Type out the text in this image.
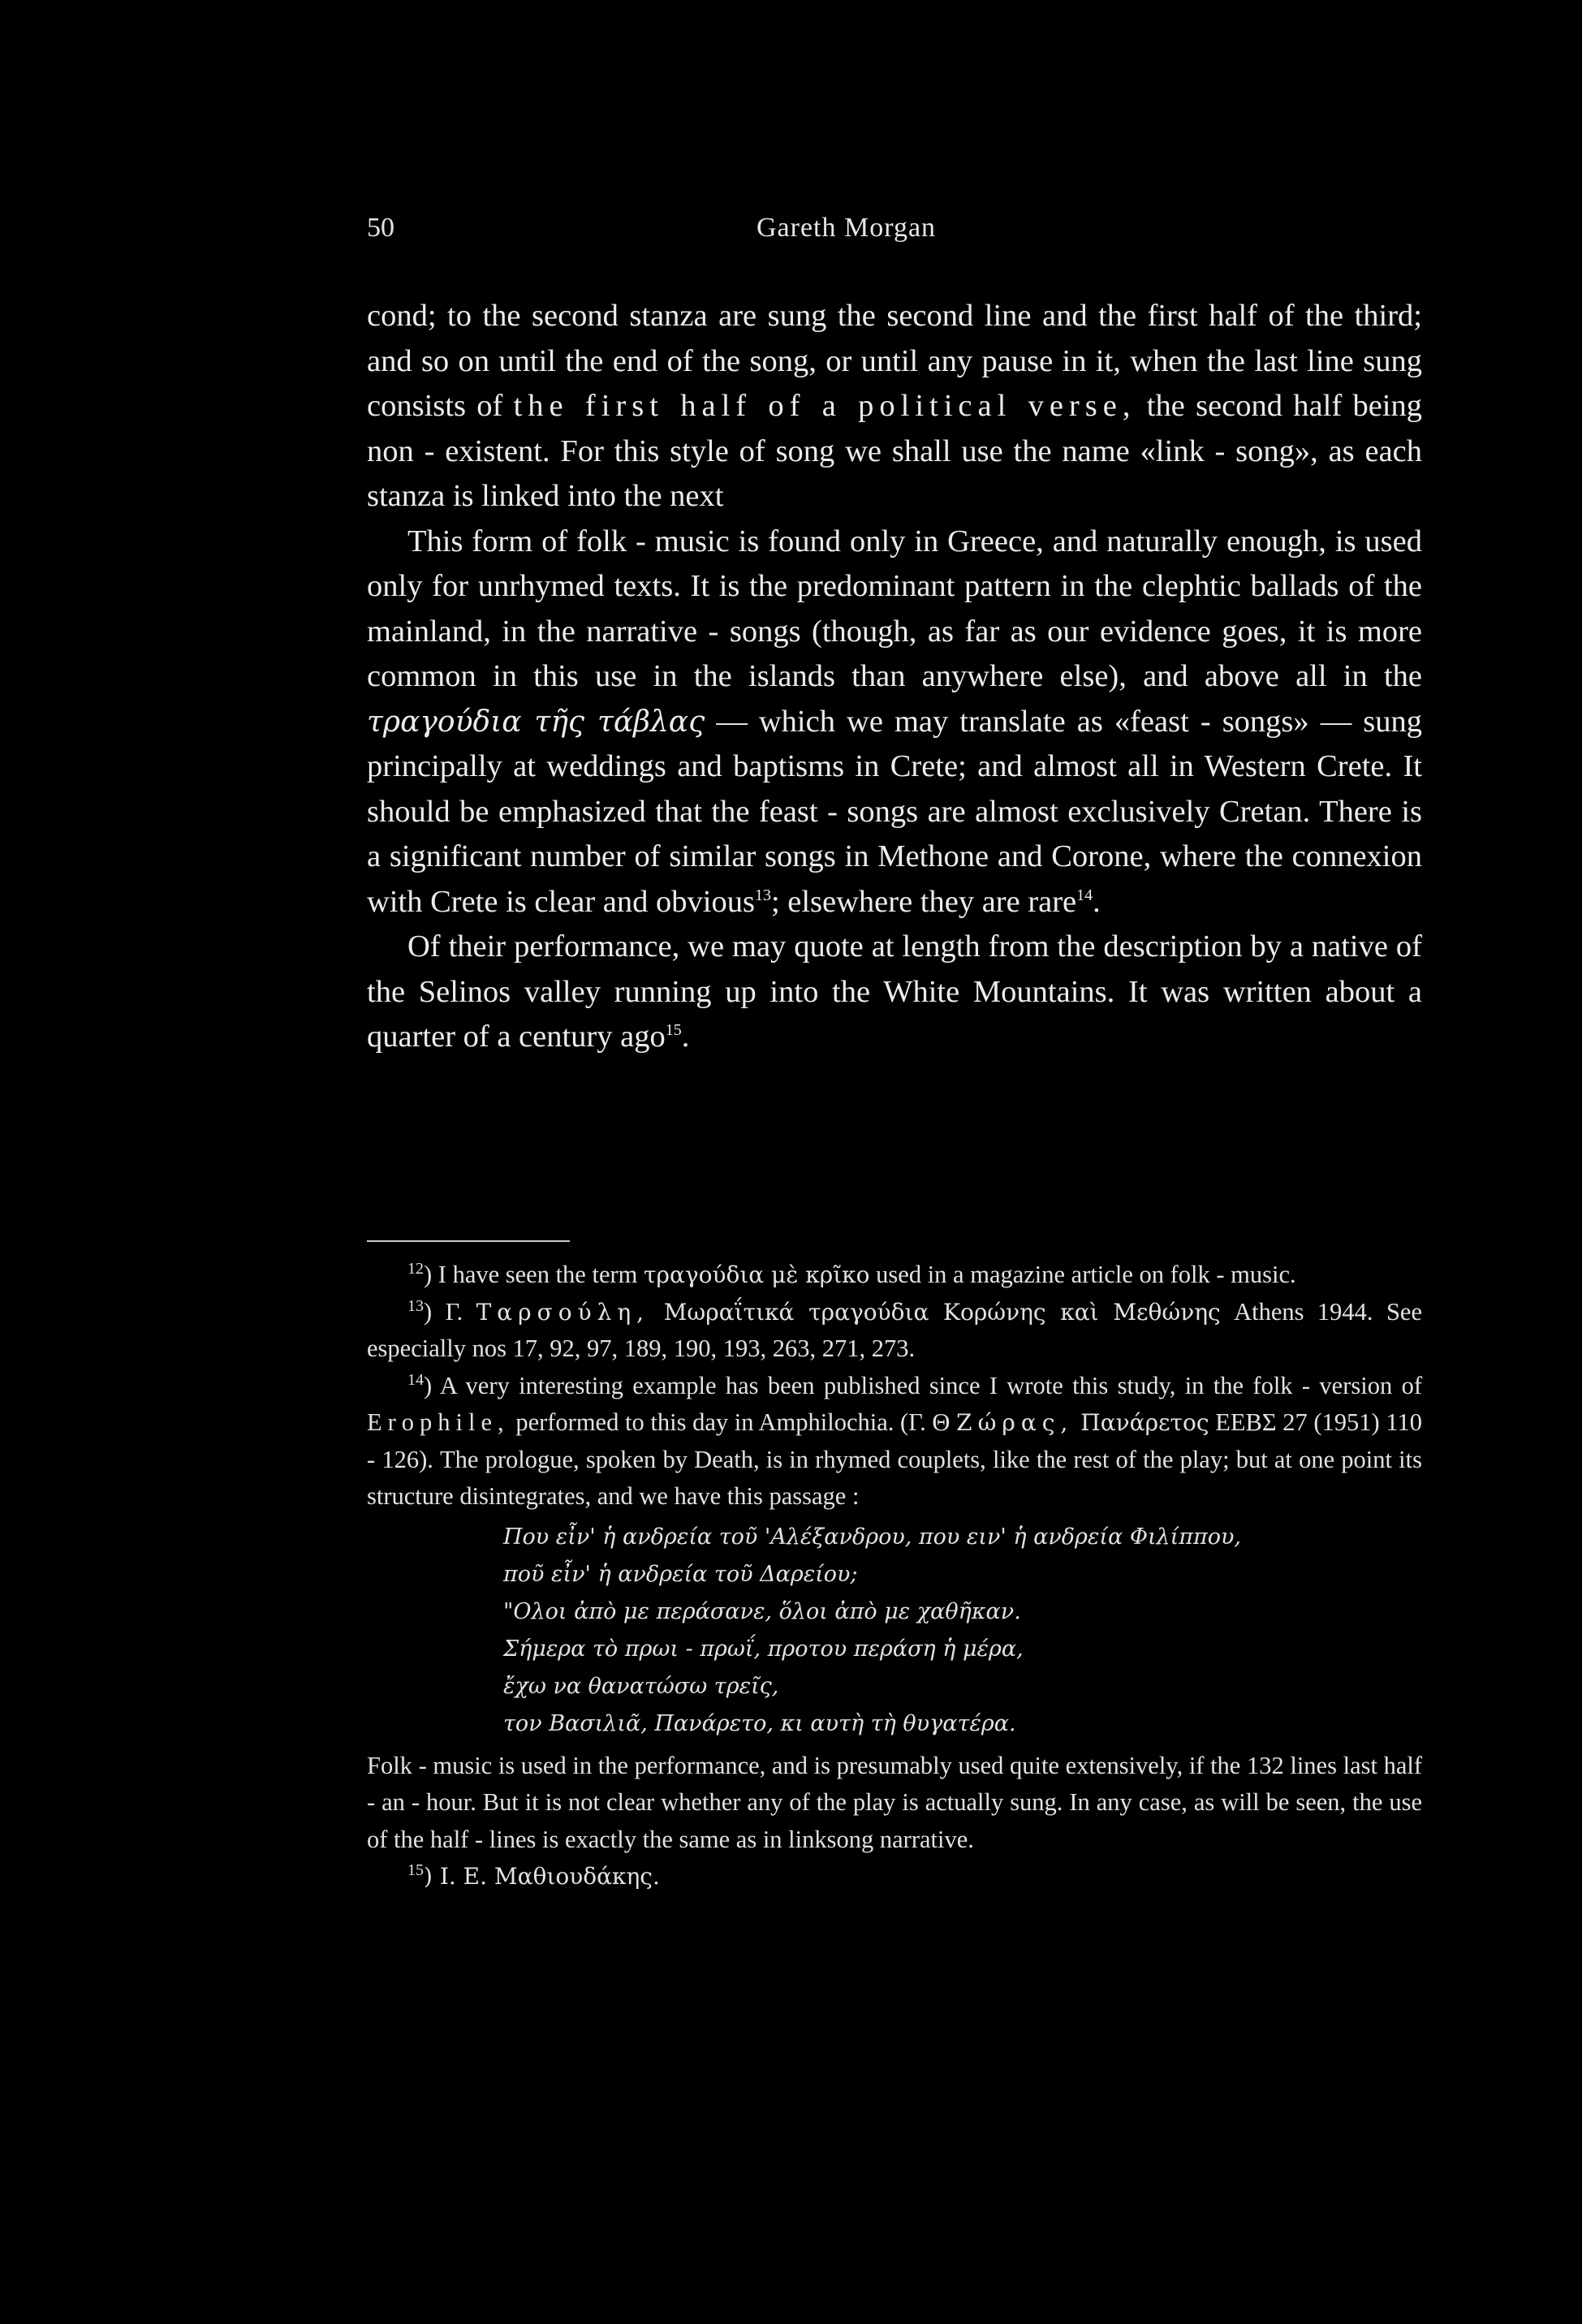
50	Gareth Morgan

cond; to the second stanza are sung the second line and the first half of the third; and so on until the end of the song, or until any pause in it, when the last line sung consists of the first half of a political verse, the second half being non - existent. For this style of song we shall use the name «link - song», as each stanza is linked into the next

This form of folk - music is found only in Greece, and naturally enough, is used only for unrhymed texts. It is the predominant pattern in the clephtic ballads of the mainland, in the narrative - songs (though, as far as our evidence goes, it is more common in this use in the islands than anywhere else), and above all in the τραγούδια τῆς τάβλας — which we may translate as «feast - songs» — sung principally at weddings and baptisms in Crete; and almost all in Western Crete. It should be emphasized that the feast - songs are almost exclusively Cretan. There is a significant number of similar songs in Methone and Corone, where the connexion with Crete is clear and obvious$^{13}$; elsewhere they are rare$^{14}$.

Of their performance, we may quote at length from the description by a native of the Selinos valley running up into the White Mountains. It was written about a quarter of a century ago$^{15}$.

$^{12}$) I have seen the term τραγούδια μὲ κρῖκο used in a magazine article on folk - music.

$^{13}$) Γ. Ταρσούλη, Μωραΐτικά τραγούδια Κορώνης καὶ Μεθώνης Athens 1944. See especially nos 17, 92, 97, 189, 190, 193, 263, 271, 273.

$^{14}$) A very interesting example has been published since I wrote this study, in the folk - version of Erophile, performed to this day in Amphilochia. (Γ. Θ Ζώρας, Πανάρετος ΕΕΒΣ 27 (1951) 110 - 126). The prologue, spoken by Death, is in rhymed couplets, like the rest of the play; but at one point its structure disintegrates, and we have this passage :

Που εἶν' ἡ ανδρεία τοῦ 'Αλέξανδρου, που ειν' ἡ ανδρεία Φιλίππου,
ποῦ εἶν' ἡ ανδρεία τοῦ Δαρείου;
"Ολοι ἀπὸ με περάσανε, ὅλοι ἀπὸ με χαθῆκαν.
Σήμερα τὸ πρωι - πρωΐ, προτου περάση ἡ μέρα,
ἔχω να θανατώσω τρεῖς,
τον Βασιλιᾶ, Πανάρετο, κι αυτὴ τὴ θυγατέρα.

Folk - music is used in the performance, and is presumably used quite extensively, if the 132 lines last half - an - hour. But it is not clear whether any of the play is actually sung. In any case, as will be seen, the use of the half - lines is exactly the same as in linksong narrative.

$^{15}$) Ι. Ε. Μαθιουδάκης.
